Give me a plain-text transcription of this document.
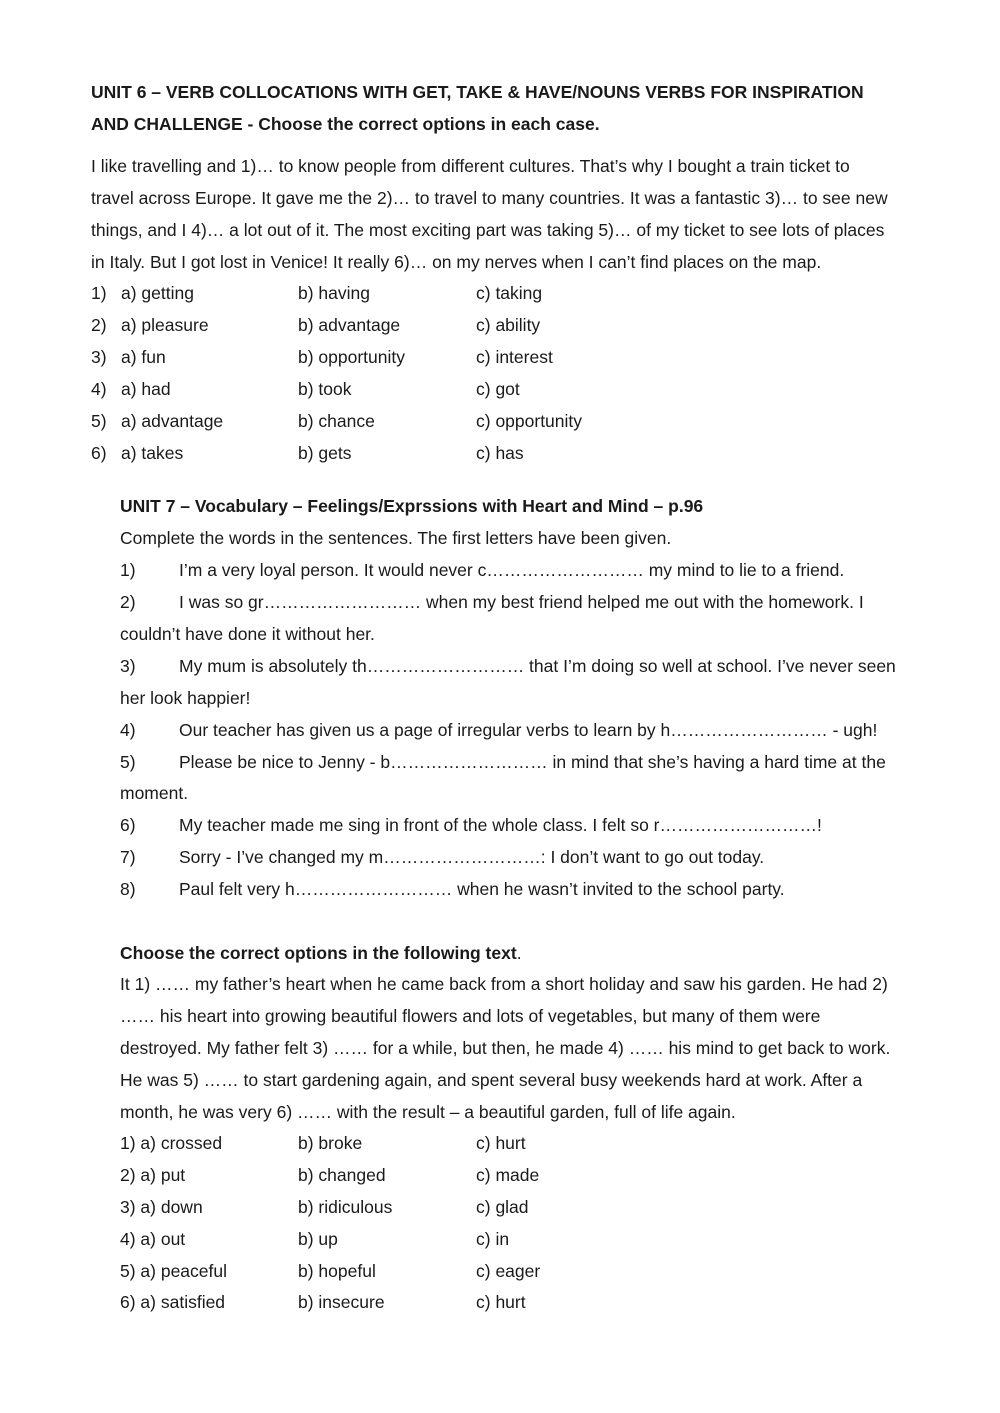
UNIT 6 – VERB COLLOCATIONS WITH GET, TAKE & HAVE/NOUNS VERBS FOR INSPIRATION
AND CHALLENGE - Choose the correct options in each case.
I like travelling and 1)… to know people from different cultures. That’s why I bought a train ticket to
travel across Europe. It gave me the 2)… to travel to many countries. It was a fantastic 3)… to see new
things, and I 4)… a lot out of it. The most exciting part was taking 5)… of my ticket to see lots of places
in Italy. But I got lost in Venice! It really 6)… on my nerves when I can’t find places on the map.
1) a) getting	b) having	c) taking
2) a) pleasure	b) advantage	c) ability
3) a) fun	b) opportunity	c) interest
4) a) had	b) took	c) got
5) a) advantage	b) chance	c) opportunity
6) a) takes	b) gets	c) has
UNIT 7 – Vocabulary – Feelings/Exprssions with Heart and Mind – p.96
Complete the words in the sentences. The first letters have been given.
1) I’m a very loyal person. It would never c……………………… my mind to lie to a friend.
2) I was so gr……………………… when my best friend helped me out with the homework. I
couldn’t have done it without her.
3) My mum is absolutely th……………………… that I’m doing so well at school. I’ve never seen
her look happier!
4) Our teacher has given us a page of irregular verbs to learn by h……………………… - ugh!
5) Please be nice to Jenny - b……………………… in mind that she’s having a hard time at the
moment.
6) My teacher made me sing in front of the whole class. I felt so r………………………!
7) Sorry - I’ve changed my m………………………: I don’t want to go out today.
8) Paul felt very h……………………… when he wasn’t invited to the school party.
Choose the correct options in the following text.
It 1) …… my father’s heart when he came back from a short holiday and saw his garden. He had 2)
…… his heart into growing beautiful flowers and lots of vegetables, but many of them were
destroyed. My father felt 3) …… for a while, but then, he made 4) …… his mind to get back to work.
He was 5) …… to start gardening again, and spent several busy weekends hard at work. After a
month, he was very 6) …… with the result – a beautiful garden, full of life again.
1) a) crossed	b) broke	c) hurt
2) a) put	b) changed	c) made
3) a) down	b) ridiculous	c) glad
4) a) out	b) up	c) in
5) a) peaceful	b) hopeful	c) eager
6) a) satisfied	b) insecure	c) hurt
